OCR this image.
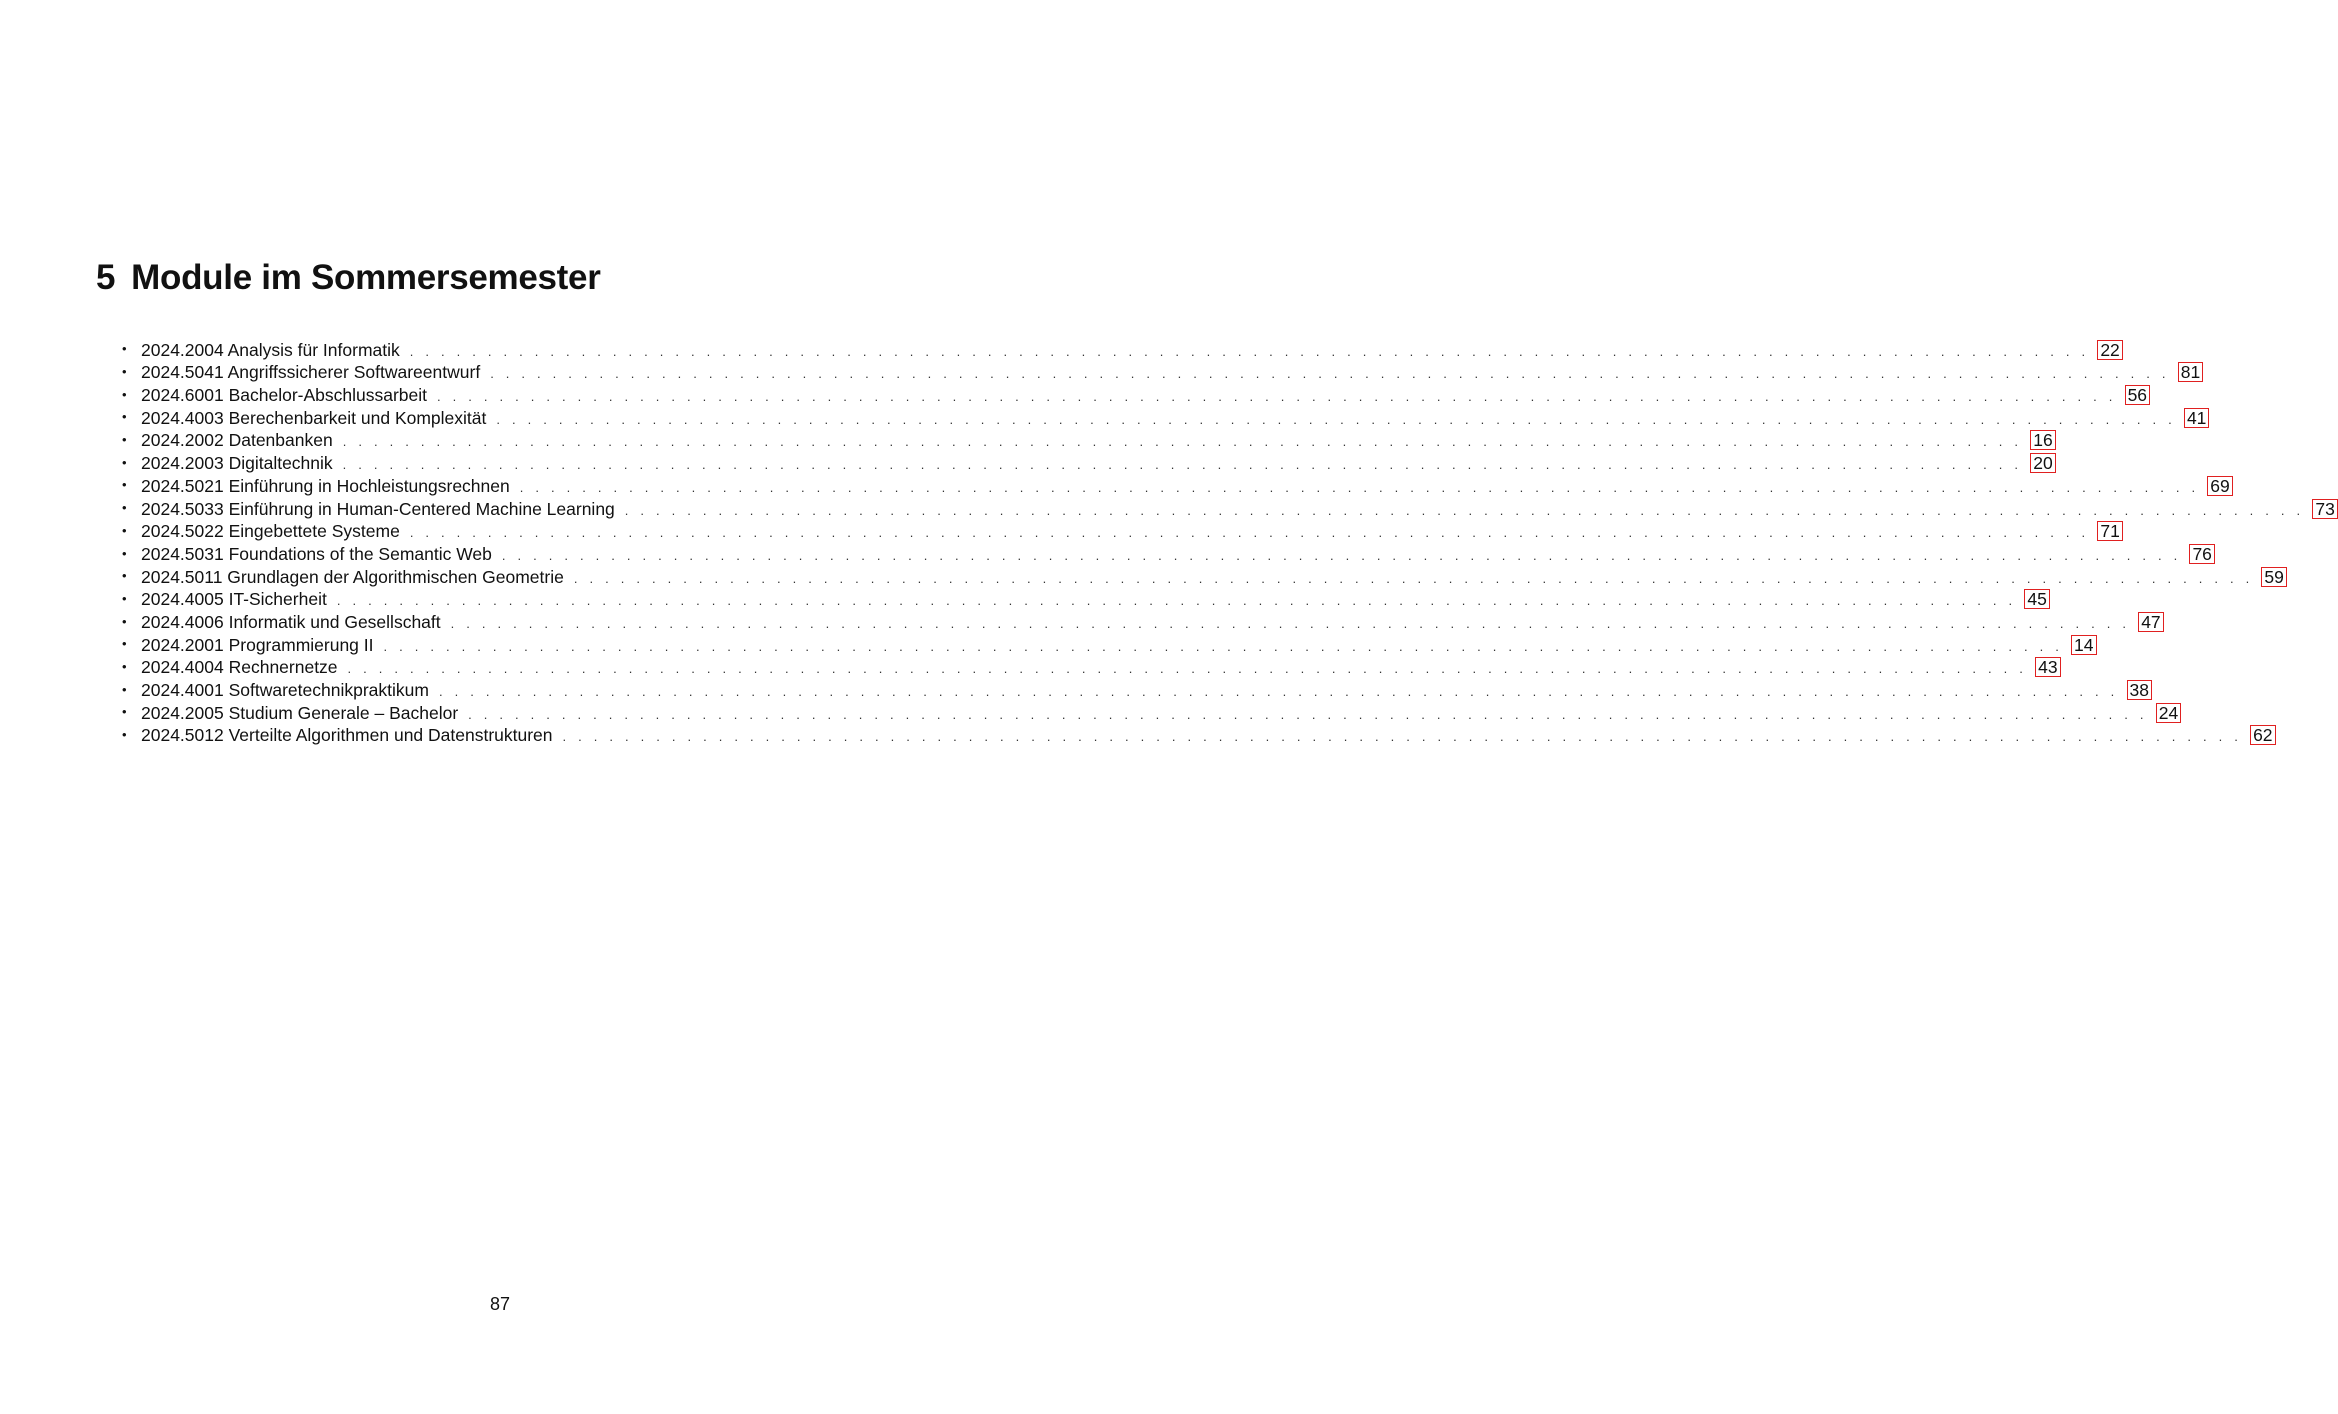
5 Module im Sommersemester
• 2024.2004 Analysis für Informatik . . . . . . . . . . . . . . . . . . . . . . . . . . . . . . . . . . . . . . . . . . . . . . . . . . . . . . . . . . . . . . . . . . . . . . . . . . . . . . . . . . . . . . . . . . . . . . . . . . . . . . . . . . . . 22
• 2024.5041 Angriffssicherer Softwareentwurf . . . . . . . . . . . . . . . . . . . . . . . . . . . . . . . . . . . . . . . . . . . . . . . . . . . . . . . . . . . . . . . . . . . . . . . . . . . . . . . . . . . . . . . . . . . . . . . . . . . . . . . . . . . . 81
• 2024.6001 Bachelor-Abschlussarbeit . . . . . . . . . . . . . . . . . . . . . . . . . . . . . . . . . . . . . . . . . . . . . . . . . . . . . . . . . . . . . . . . . . . . . . . . . . . . . . . . . . . . . . . . . . . . . . . . . . . . . . . . . . . . 56
• 2024.4003 Berechenbarkeit und Komplexität . . . . . . . . . . . . . . . . . . . . . . . . . . . . . . . . . . . . . . . . . . . . . . . . . . . . . . . . . . . . . . . . . . . . . . . . . . . . . . . . . . . . . . . . . . . . . . . . . . . . . . . . . . . . 41
• 2024.2002 Datenbanken . . . . . . . . . . . . . . . . . . . . . . . . . . . . . . . . . . . . . . . . . . . . . . . . . . . . . . . . . . . . . . . . . . . . . . . . . . . . . . . . . . . . . . . . . . . . . . . . . . . . . . . . . . . . 16
• 2024.2003 Digitaltechnik . . . . . . . . . . . . . . . . . . . . . . . . . . . . . . . . . . . . . . . . . . . . . . . . . . . . . . . . . . . . . . . . . . . . . . . . . . . . . . . . . . . . . . . . . . . . . . . . . . . . . . . . . . . . 20
• 2024.5021 Einführung in Hochleistungsrechnen . . . . . . . . . . . . . . . . . . . . . . . . . . . . . . . . . . . . . . . . . . . . . . . . . . . . . . . . . . . . . . . . . . . . . . . . . . . . . . . . . . . . . . . . . . . . . . . . . . . . . . . . . . . . 69
• 2024.5033 Einführung in Human-Centered Machine Learning . . . . . . . . . . . . . . . . . . . . . . . . . . . . . . . . . . . . . . . . . . . . . . . . . . . . . . . . . . . . . . . . . . . . . . . . . . . . . . . . . . . . . . . . . . . . . . . . . . . . . . . . . . . . 73
• 2024.5022 Eingebettete Systeme . . . . . . . . . . . . . . . . . . . . . . . . . . . . . . . . . . . . . . . . . . . . . . . . . . . . . . . . . . . . . . . . . . . . . . . . . . . . . . . . . . . . . . . . . . . . . . . . . . . . . . . . . . . . 71
• 2024.5031 Foundations of the Semantic Web . . . . . . . . . . . . . . . . . . . . . . . . . . . . . . . . . . . . . . . . . . . . . . . . . . . . . . . . . . . . . . . . . . . . . . . . . . . . . . . . . . . . . . . . . . . . . . . . . . . . . . . . . . . . 76
• 2024.5011 Grundlagen der Algorithmischen Geometrie . . . . . . . . . . . . . . . . . . . . . . . . . . . . . . . . . . . . . . . . . . . . . . . . . . . . . . . . . . . . . . . . . . . . . . . . . . . . . . . . . . . . . . . . . . . . . . . . . . . . . . . . . . . . 59
• 2024.4005 IT-Sicherheit . . . . . . . . . . . . . . . . . . . . . . . . . . . . . . . . . . . . . . . . . . . . . . . . . . . . . . . . . . . . . . . . . . . . . . . . . . . . . . . . . . . . . . . . . . . . . . . . . . . . . . . . . . . . 45
• 2024.4006 Informatik und Gesellschaft . . . . . . . . . . . . . . . . . . . . . . . . . . . . . . . . . . . . . . . . . . . . . . . . . . . . . . . . . . . . . . . . . . . . . . . . . . . . . . . . . . . . . . . . . . . . . . . . . . . . . . . . . . . . 47
• 2024.2001 Programmierung II . . . . . . . . . . . . . . . . . . . . . . . . . . . . . . . . . . . . . . . . . . . . . . . . . . . . . . . . . . . . . . . . . . . . . . . . . . . . . . . . . . . . . . . . . . . . . . . . . . . . . . . . . . . . 14
• 2024.4004 Rechnernetze . . . . . . . . . . . . . . . . . . . . . . . . . . . . . . . . . . . . . . . . . . . . . . . . . . . . . . . . . . . . . . . . . . . . . . . . . . . . . . . . . . . . . . . . . . . . . . . . . . . . . . . . . . . . 43
• 2024.4001 Softwaretechnikpraktikum . . . . . . . . . . . . . . . . . . . . . . . . . . . . . . . . . . . . . . . . . . . . . . . . . . . . . . . . . . . . . . . . . . . . . . . . . . . . . . . . . . . . . . . . . . . . . . . . . . . . . . . . . . . . 38
• 2024.2005 Studium Generale – Bachelor . . . . . . . . . . . . . . . . . . . . . . . . . . . . . . . . . . . . . . . . . . . . . . . . . . . . . . . . . . . . . . . . . . . . . . . . . . . . . . . . . . . . . . . . . . . . . . . . . . . . . . . . . . . . 24
• 2024.5012 Verteilte Algorithmen und Datenstrukturen . . . . . . . . . . . . . . . . . . . . . . . . . . . . . . . . . . . . . . . . . . . . . . . . . . . . . . . . . . . . . . . . . . . . . . . . . . . . . . . . . . . . . . . . . . . . . . . . . . . . . . . . . . . . 62
87
